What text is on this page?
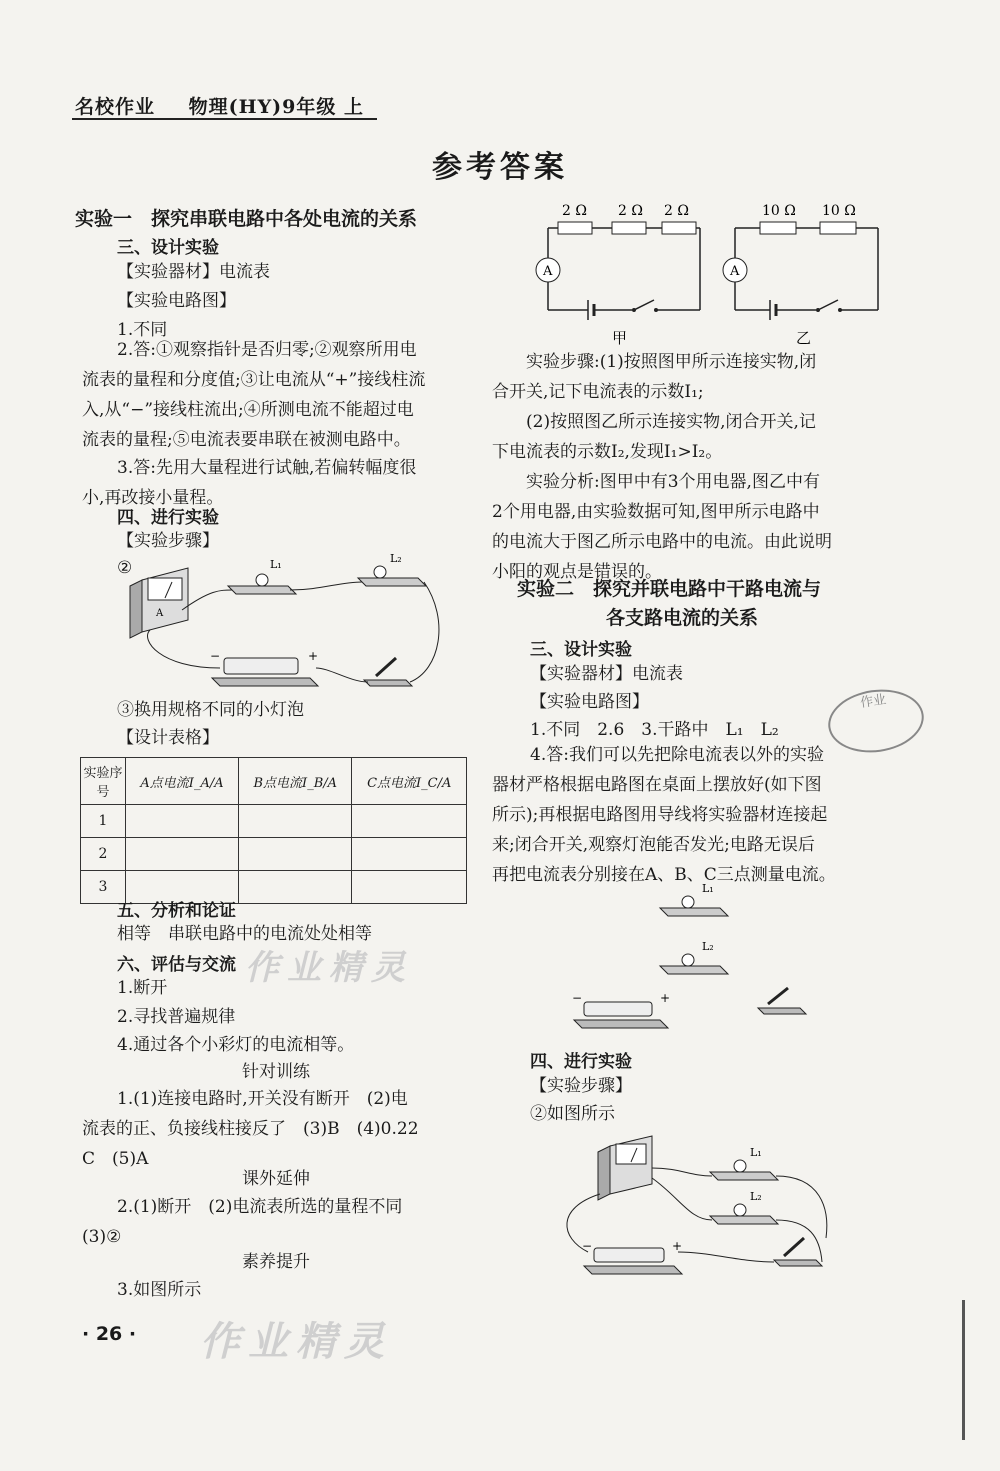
名校作业 物理(HY)9年级 上
参考答案
实验一　探究串联电路中各处电流的关系
三、设计实验
【实验器材】电流表
【实验电路图】
1.不同
2.答:①观察指针是否归零;②观察所用电
流表的量程和分度值;③让电流从“+”接线柱流
入,从“−”接线柱流出;④所测电流不能超过电
流表的量程;⑤电流表要串联在被测电路中。
3.答:先用大量程进行试触,若偏转幅度很
小,再改接小量程。
四、进行实验
【实验步骤】
②
A
L₁	L₂
−	+
③换用规格不同的小灯泡
【设计表格】
实验序号	A点电流I_A/A	B点电流I_B/A	C点电流I_C/A
1			
2			
3			
五、分析和论证
相等　串联电路中的电流处处相等
六、评估与交流
1.断开
2.寻找普遍规律
4.通过各个小彩灯的电流相等。
针对训练
1.(1)连接电路时,开关没有断开　(2)电
流表的正、负接线柱接反了　(3)B　(4)0.22
C　(5)A
课外延伸
2.(1)断开　(2)电流表所选的量程不同
(3)②
素养提升
3.如图所示
· 26 · 作业精灵
作业精灵
2 Ω 2 Ω 2 Ω
A
甲
10 Ω 10 Ω
A
乙
实验步骤:(1)按照图甲所示连接实物,闭
合开关,记下电流表的示数I₁;
(2)按照图乙所示连接实物,闭合开关,记
下电流表的示数I₂,发现I₁>I₂。
实验分析:图甲中有3个用电器,图乙中有
2个用电器,由实验数据可知,图甲所示电路中
的电流大于图乙所示电路中的电流。由此说明
小阳的观点是错误的。
实验二　探究并联电路中干路电流与
各支路电流的关系
三、设计实验
【实验器材】电流表
【实验电路图】
1.不同　2.6　3.干路中　L₁　L₂
4.答:我们可以先把除电流表以外的实验
器材严格根据电路图在桌面上摆放好(如下图
所示);再根据电路图用导线将实验器材连接起
来;闭合开关,观察灯泡能否发光;电路无误后
再把电流表分别接在A、B、C三点测量电流。
作业
L₁
L₂
−	+
四、进行实验
【实验步骤】
②如图所示
L₁
L₂
−	+
